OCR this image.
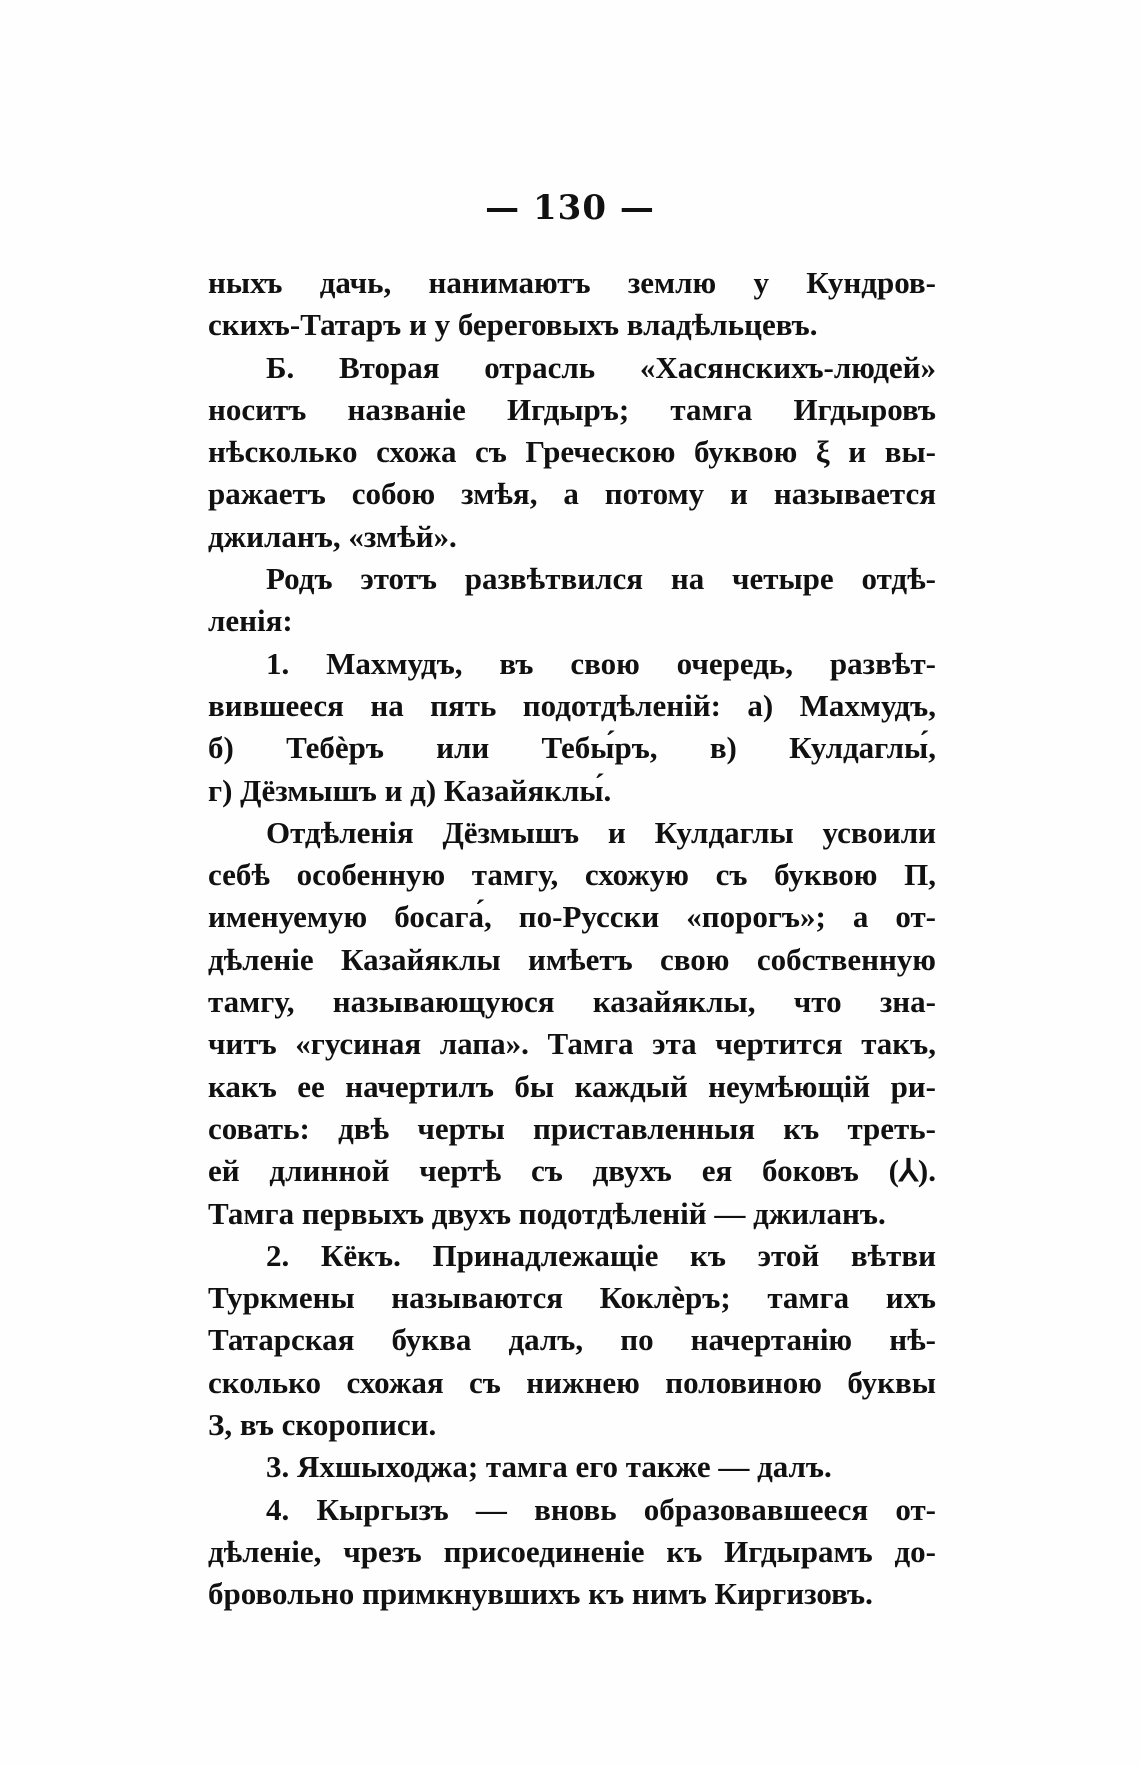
— 130 —
ныхъ дачь, нанимаютъ землю у Кундров-
скихъ-Татаръ и у береговыхъ владѣльцевъ.
Б. Вторая отрасль «Хасянскихъ-людей»
носитъ названіе Игдыръ; тамга Игдыровъ
нѣсколько схожа съ Греческою буквою ξ и вы-
ражаетъ собою змѣя, а потому и называется
джиланъ, «змѣй».
Родъ этотъ развѣтвился на четыре отдѣ-
ленія:
1. Махмудъ, въ свою очередь, развѣт-
вившееся на пять подотдѣленій: а) Махмудъ,
б) Тебѐръ или Тебы́ръ, в) Кулдаглы́,
г) Дёзмышъ и д) Казайяклы́.
Отдѣленія Дёзмышъ и Кулдаглы усвоили
себѣ особенную тамгу, схожую съ буквою П,
именуемую босага́, по-Русски «порогъ»; а от-
дѣленіе Казайяклы имѣетъ свою собственную
тамгу, называющуюся казайяклы, что зна-
читъ «гусиная лапа». Тамга эта чертится такъ,
какъ ее начертилъ бы каждый неумѣющій ри-
совать: двѣ черты приставленныя къ треть-
ей длинной чертѣ съ двухъ ея боковъ (⅄).
Тамга первыхъ двухъ подотдѣленій — джиланъ.
2. Кёкъ. Принадлежащіе къ этой вѣтви
Туркмены называются Коклѐръ; тамга ихъ
Татарская буква далъ, по начертанію нѣ-
сколько схожая съ нижнею половиною буквы
З, въ скорописи.
3. Яхшыходжа; тамга его также — далъ.
4. Кыргызъ — вновь образовавшееся от-
дѣленіе, чрезъ присоединеніе къ Игдырамъ до-
бровольно примкнувшихъ къ нимъ Киргизовъ.
